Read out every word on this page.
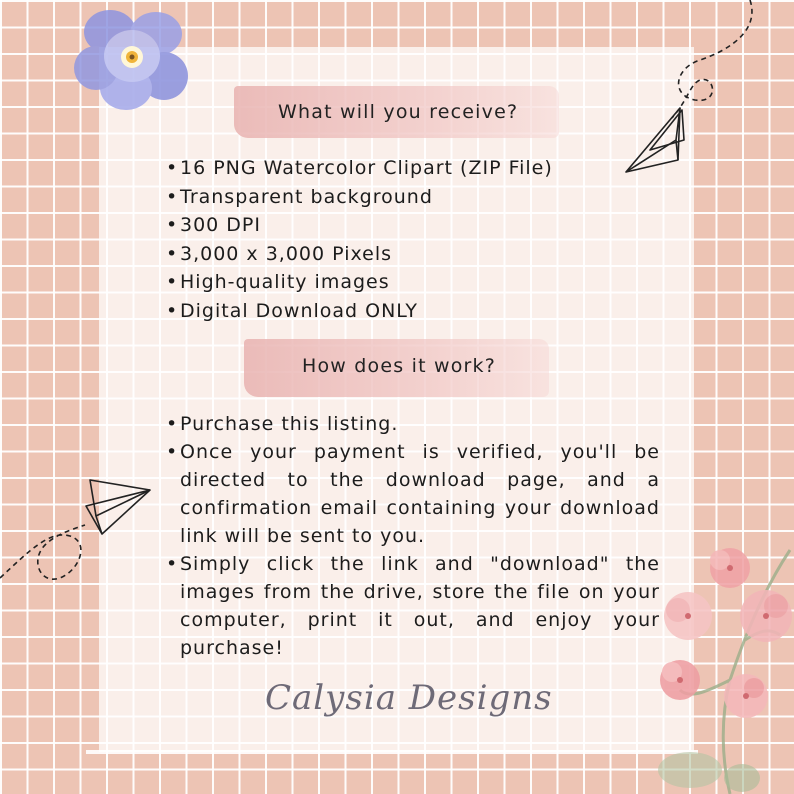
What will you receive?
• 16 PNG Watercolor Clipart (ZIP File)
• Transparent background
• 300 DPI
• 3,000 x 3,000 Pixels
• High-quality images
• Digital Download ONLY
How does it work?
• Purchase this listing.
• Once your payment is verified, you'll be directed to the download page, and a confirmation email containing your download link will be sent to you.
• Simply click the link and "download" the images from the drive, store the file on your computer, print it out, and enjoy your purchase!
Calysia Designs
